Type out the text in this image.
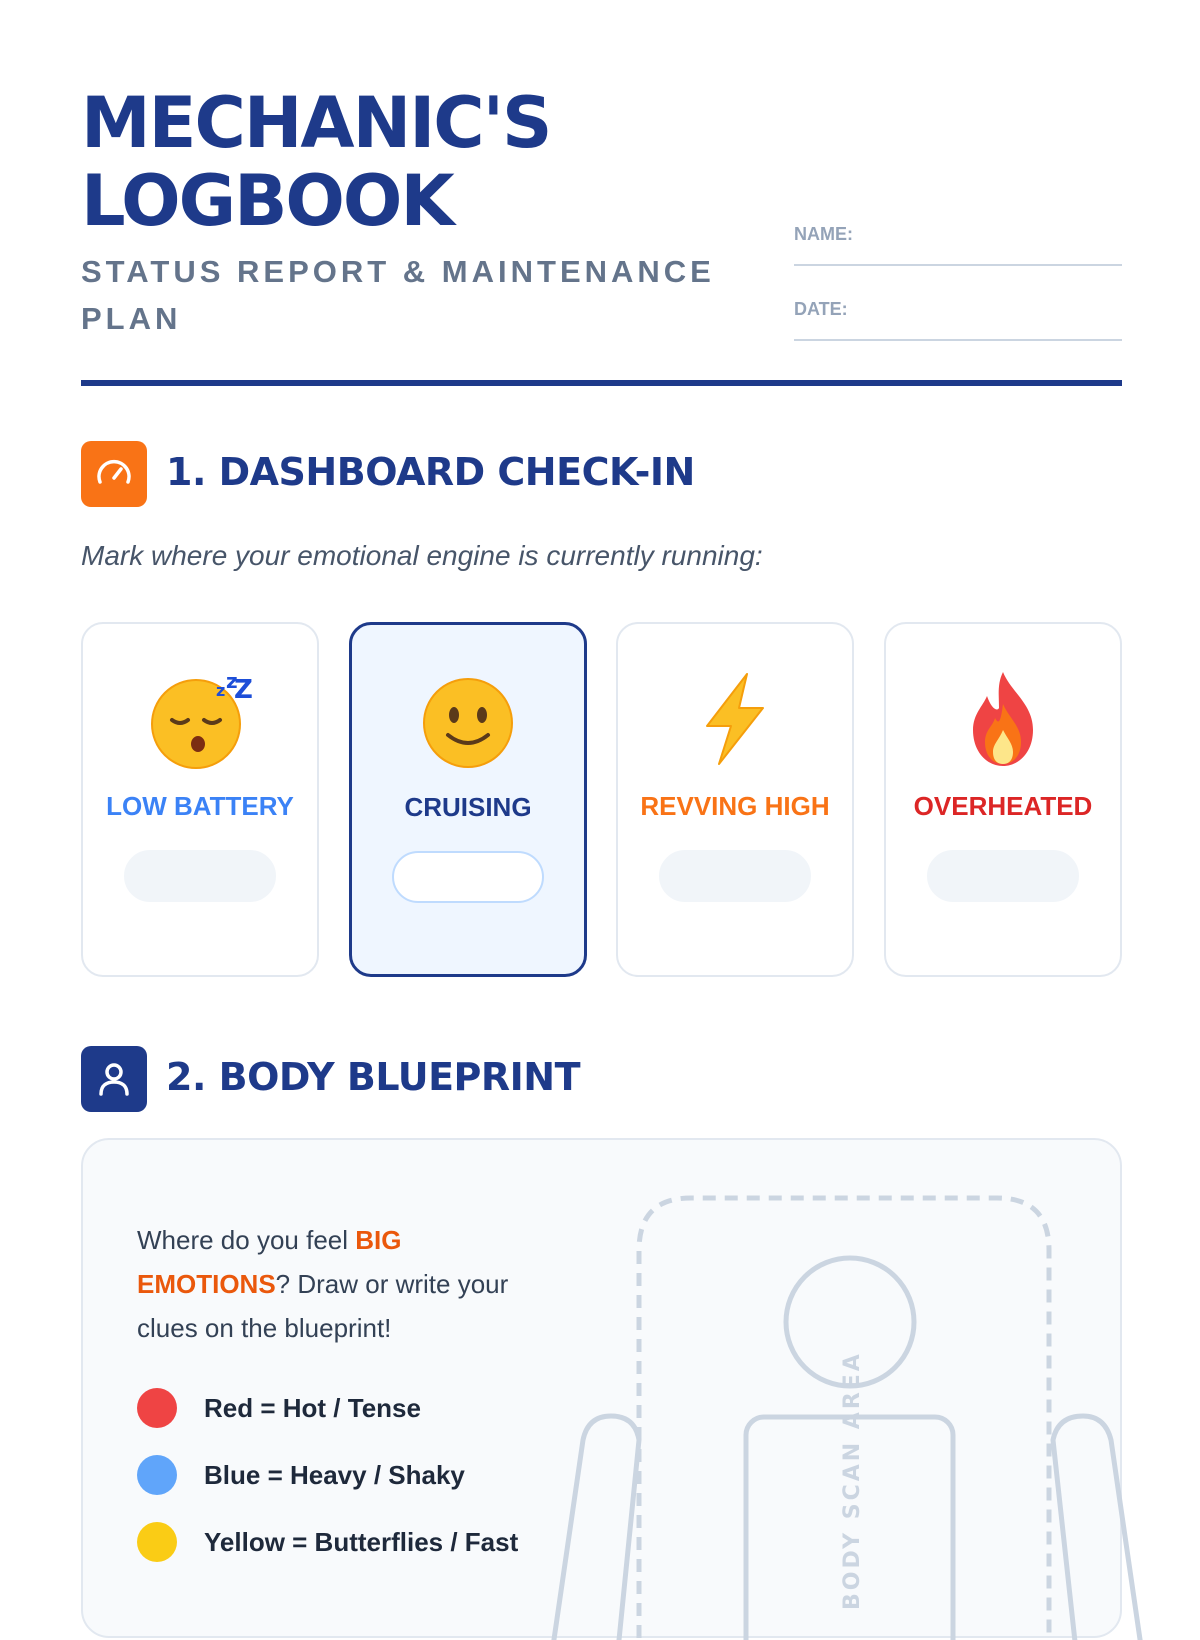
MECHANIC'S
LOGBOOK
STATUS REPORT & MAINTENANCE PLAN
NAME:
DATE:
1. DASHBOARD CHECK-IN
Mark where your emotional engine is currently running:
z z
Z
LOW BATTERY	CRUISING	REVVING HIGH	OVERHEATED
2. BODY BLUEPRINT
Where do you feel BIG EMOTIONS? Draw or write your clues on the blueprint!
Red = Hot / Tense
Blue = Heavy / Shaky
Yellow = Butterflies / Fast	BODY SCAN AREA
